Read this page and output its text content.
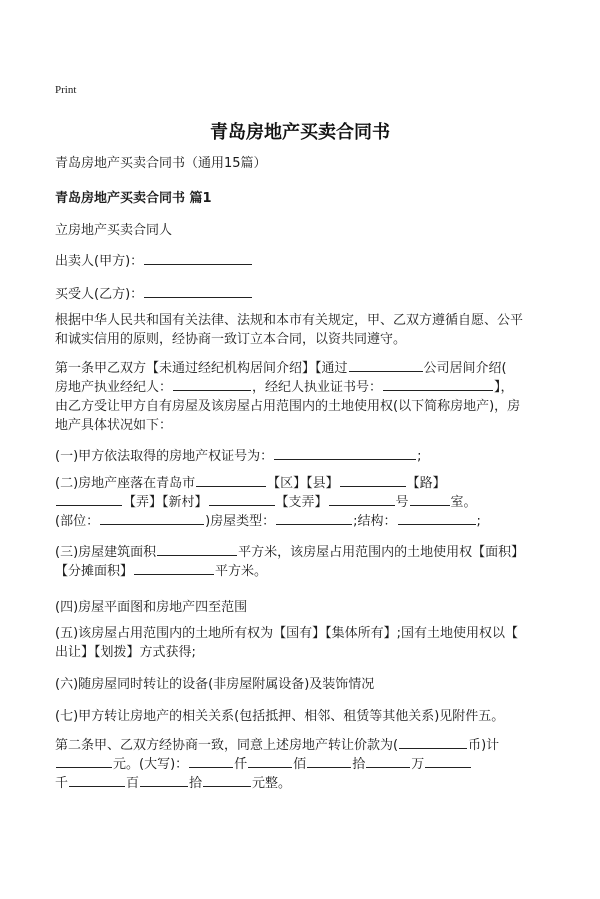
Print
青岛房地产买卖合同书
青岛房地产买卖合同书（通用15篇）
青岛房地产买卖合同书 篇1
立房地产买卖合同人
出卖人(甲方)：
买受人(乙方)：
根据中华人民共和国有关法律、法规和本市有关规定，甲、乙双方遵循自愿、公平
和诚实信用的原则，经协商一致订立本合同，以资共同遵守。
第一条甲乙双方【未通过经纪机构居间介绍】【通过	公司居间介绍(
房地产执业经纪人：	，经纪人执业证书号：	】，
由乙方受让甲方自有房屋及该房屋占用范围内的土地使用权(以下简称房地产)，房
地产具体状况如下：
(一)甲方依法取得的房地产权证号为：	;
(二)房地产座落在青岛市	【区】【县】	【路】
【弄】【新村】	【支弄】	号	室。
(部位：	)房屋类型：	;结构：	;
(三)房屋建筑面积	平方米，该房屋占用范围内的土地使用权【面积】
【分摊面积】	平方米。
(四)房屋平面图和房地产四至范围
(五)该房屋占用范围内的土地所有权为【国有】【集体所有】;国有土地使用权以【
出让】【划拨】方式获得;
(六)随房屋同时转让的设备(非房屋附属设备)及装饰情况
(七)甲方转让房地产的相关关系(包括抵押、相邻、租赁等其他关系)见附件五。
第二条甲、乙双方经协商一致，同意上述房地产转让价款为(	币)计
元。(大写)：	仟	佰	拾	万
千	百	拾	元整。
